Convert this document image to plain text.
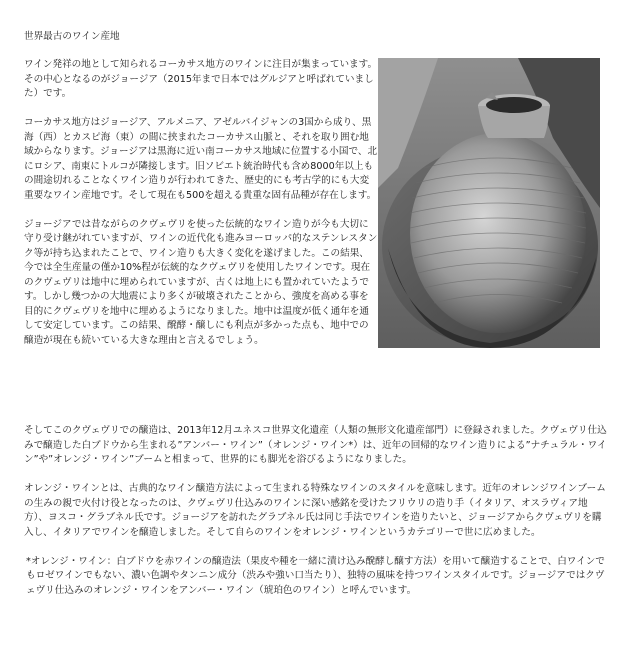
世界最古のワイン産地

ワイン発祥の地として知られるコーカサス地方のワインに注目が集まっています。その中心となるのがジョージア（2015年まで日本ではグルジアと呼ばれていました）です。

コーカサス地方はジョージア、アルメニア、アゼルバイジャンの3国から成り、黒海（西）とカスピ海（東）の間に挟まれたコーカサス山脈と、それを取り囲む地域からなります。ジョージアは黒海に近い南コーカサス地域に位置する小国で、北にロシア、南東にトルコが隣接します。旧ソビエト統治時代も含め8000年以上もの間途切れることなくワイン造りが行われてきた、歴史的にも考古学的にも大変重要なワイン産地です。そして現在も500を超える貴重な固有品種が存在します。

ジョージアでは昔ながらのクヴェヴリを使った伝統的なワイン造りが今も大切に守り受け継がれていますが、ワインの近代化も進みヨーロッパ的なステンレスタンク等が持ち込まれたことで、ワイン造りも大きく変化を遂げました。この結果、今では全生産量の僅か10%程が伝統的なクヴェヴリを使用したワインです。現在のクヴェヴリは地中に埋められていますが、古くは地上にも置かれていたようです。しかし幾つかの大地震により多くが破壊されたことから、強度を高める事を目的にクヴェヴリを地中に埋めるようになりました。地中は温度が低く通年を通して安定しています。この結果、醗酵・醸しにも利点が多かった点も、地中での醸造が現在も続いている大きな理由と言えるでしょう。

そしてこのクヴェヴリでの醸造は、2013年12月ユネスコ世界文化遺産（人類の無形文化遺産部門）に登録されました。クヴェヴリ仕込みで醸造した白ブドウから生まれる”アンバー・ワイン”（オレンジ・ワイン*）は、近年の回帰的なワイン造りによる”ナチュラル・ワイン”や”オレンジ・ワイン”ブームと相まって、世界的にも脚光を浴びるようになりました。

オレンジ・ワインとは、古典的なワイン醸造方法によって生まれる特殊なワインのスタイルを意味します。近年のオレンジワインブームの生みの親で火付け役となったのは、クヴェヴリ仕込みのワインに深い感銘を受けたフリウリの造り手（イタリア、オスラヴィア地方）、ヨスコ・グラブネル氏です。ジョージアを訪れたグラブネル氏は同じ手法でワインを造りたいと、ジョージアからクヴェヴリを購入し、イタリアでワインを醸造しました。そして自らのワインをオレンジ・ワインというカテゴリーで世に広めました。

*オレンジ・ワイン：白ブドウを赤ワインの醸造法（果皮や種を一緒に漬け込み醗酵し醸す方法）を用いて醸造することで、白ワインでもロゼワインでもない、濃い色調やタンニン成分（渋みや強い口当たり）、独特の風味を持つワインスタイルです。ジョージアではクヴェヴリ仕込みのオレンジ・ワインをアンバー・ワイン（琥珀色のワイン）と呼んでいます。
